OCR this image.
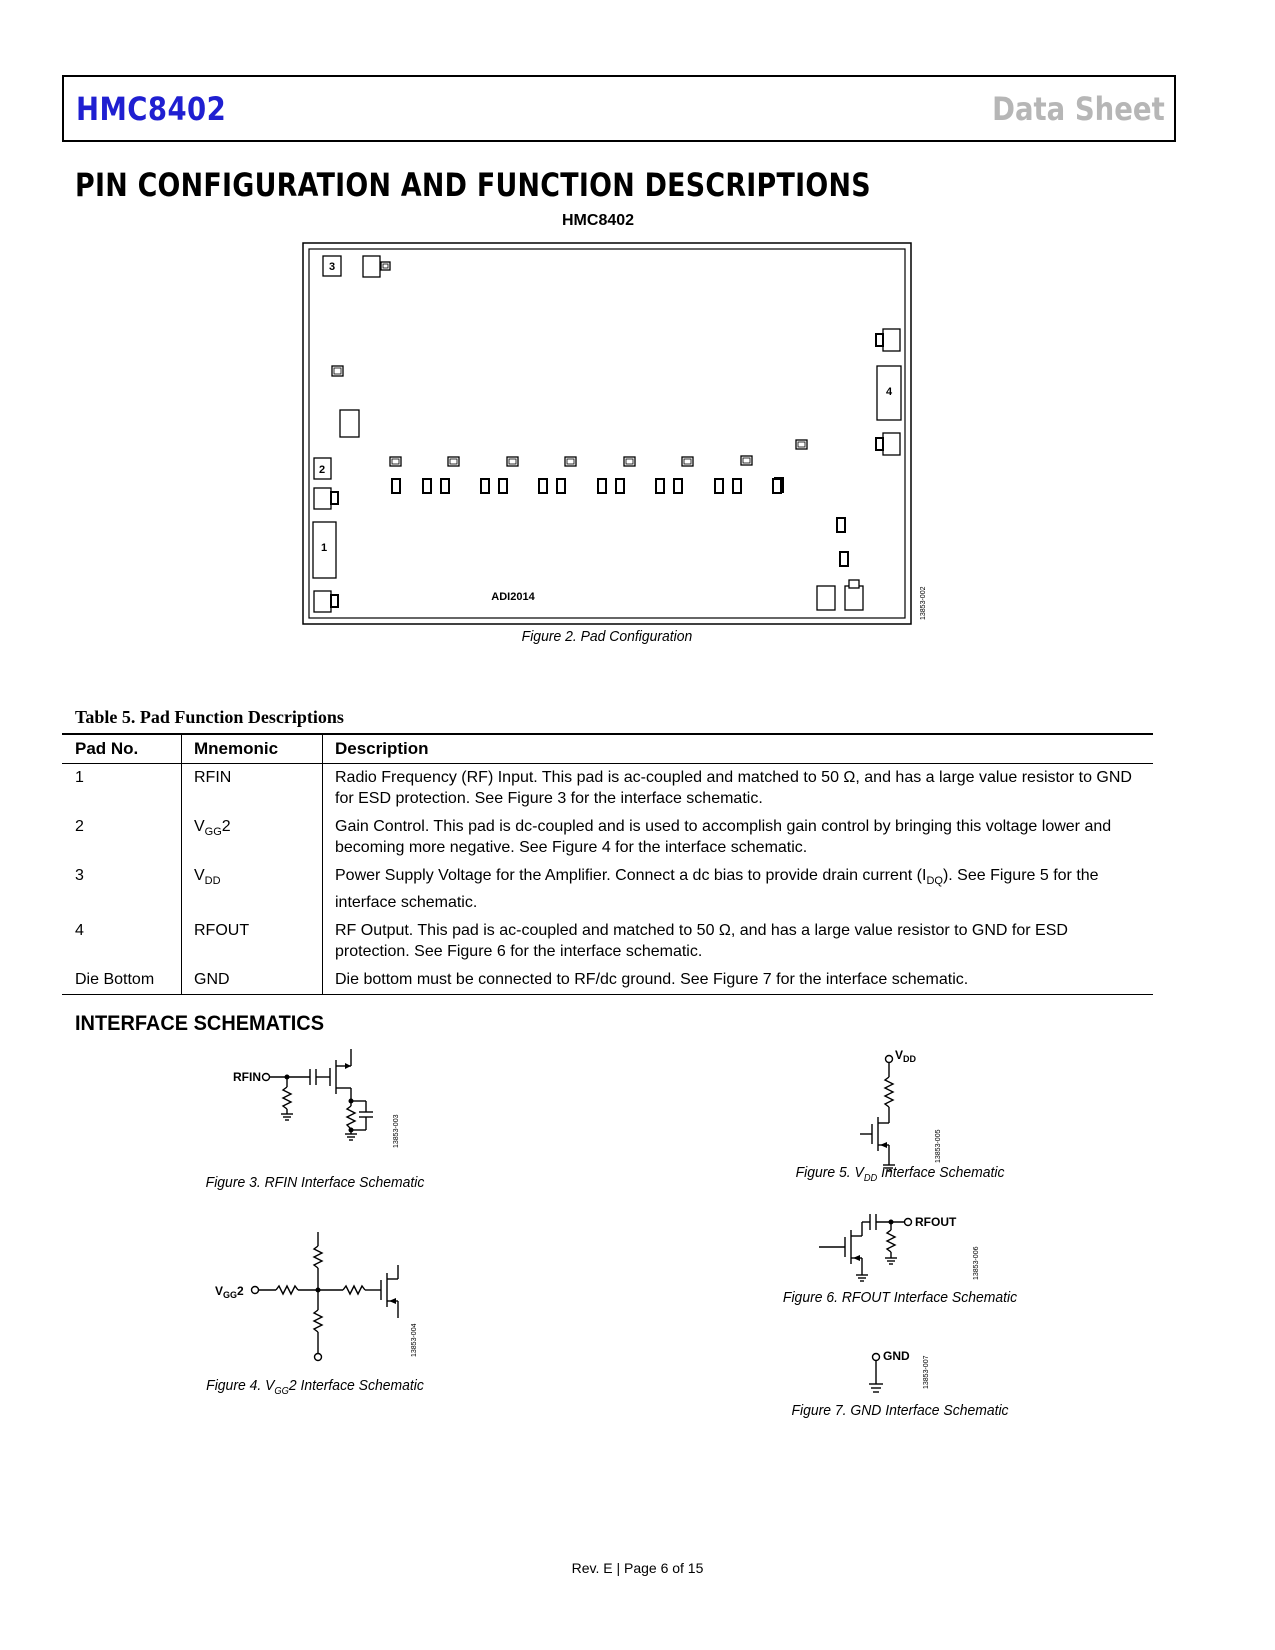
HMC8402	Data Sheet
PIN CONFIGURATION AND FUNCTION DESCRIPTIONS
HMC8402
1
2
3
4
ADI2014	13853-002
Figure 2. Pad Configuration
Table 5. Pad Function Descriptions
Pad No.	Mnemonic	Description
1	RFIN	Radio Frequency (RF) Input. This pad is ac-coupled and matched to 50 Ω, and has a large value resistor to GND for ESD protection. See Figure 3 for the interface schematic.
2	$V_{GG}2$	Gain Control. This pad is dc-coupled and is used to accomplish gain control by bringing this voltage lower and becoming more negative. See Figure 4 for the interface schematic.
3	$V_{DD}$	Power Supply Voltage for the Amplifier. Connect a dc bias to provide drain current $(I_{DQ})$. See Figure 5 for the interface schematic.
4	RFOUT	RF Output. This pad is ac-coupled and matched to 50 Ω, and has a large value resistor to GND for ESD protection. See Figure 6 for the interface schematic.
Die Bottom	GND	Die bottom must be connected to RF/dc ground. See Figure 7 for the interface schematic.
INTERFACE SCHEMATICS
RFIN
$V_{GG}2$
$V_{DD}$
RFOUT
GND
13853-003
13853-004
13853-005
13853-006
13853-007
Figure 3. RFIN Interface Schematic
Figure 4. $V_{GG}2$ Interface Schematic
Figure 5. $V_{DD}$ Interface Schematic
Figure 6. RFOUT Interface Schematic
Figure 7. GND Interface Schematic
Rev. E | Page 6 of 15
